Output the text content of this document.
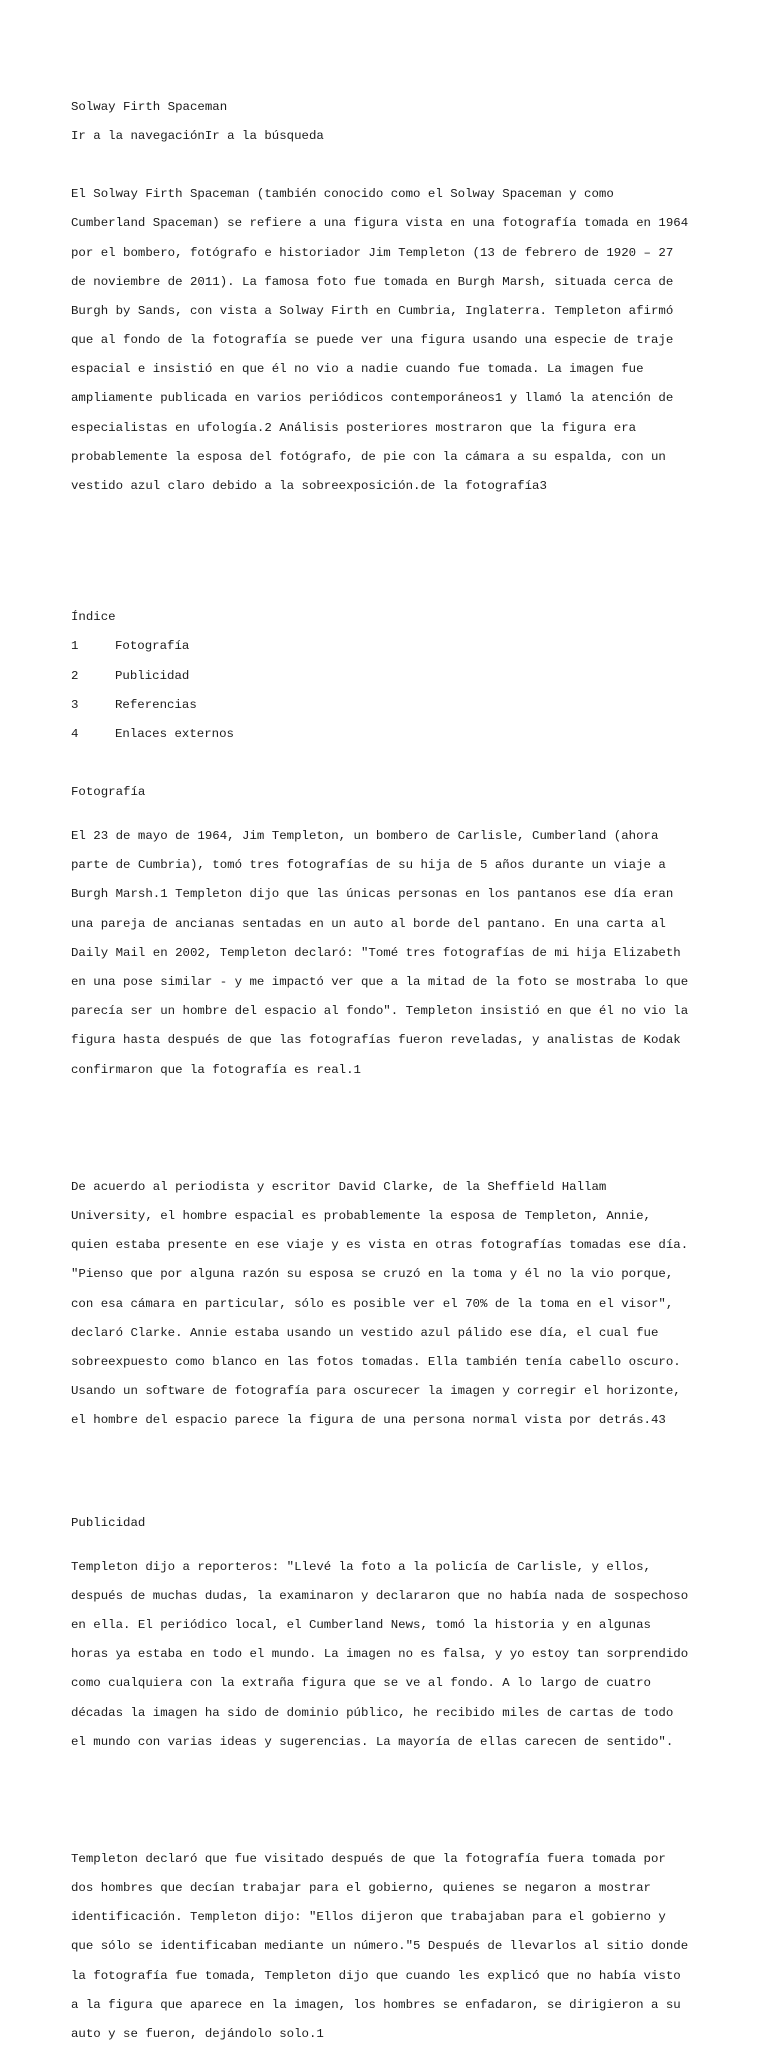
Solway Firth Spaceman

Ir a la navegaciónIr a la búsqueda

El Solway Firth Spaceman (también conocido como el Solway Spaceman y como

Cumberland Spaceman) se refiere a una figura vista en una fotografía tomada en 1964

por el bombero, fotógrafo e historiador Jim Templeton (13 de febrero de 1920 – 27

de noviembre de 2011). La famosa foto fue tomada en Burgh Marsh, situada cerca de

Burgh by Sands, con vista a Solway Firth en Cumbria, Inglaterra. Templeton afirmó

que al fondo de la fotografía se puede ver una figura usando una especie de traje

espacial e insistió en que él no vio a nadie cuando fue tomada. La imagen fue

ampliamente publicada en varios periódicos contemporáneos1 y llamó la atención de

especialistas en ufología.2 Análisis posteriores mostraron que la figura era

probablemente la esposa del fotógrafo, de pie con la cámara a su espalda, con un

vestido azul claro debido a la sobreexposición.de la fotografía3

Índice

1	Fotografía

2	Publicidad

3	Referencias

4	Enlaces externos

Fotografía

El 23 de mayo de 1964, Jim Templeton, un bombero de Carlisle, Cumberland (ahora

parte de Cumbria), tomó tres fotografías de su hija de 5 años durante un viaje a

Burgh Marsh.1 Templeton dijo que las únicas personas en los pantanos ese día eran

una pareja de ancianas sentadas en un auto al borde del pantano. En una carta al

Daily Mail en 2002, Templeton declaró: "Tomé tres fotografías de mi hija Elizabeth

en una pose similar - y me impactó ver que a la mitad de la foto se mostraba lo que

parecía ser un hombre del espacio al fondo". Templeton insistió en que él no vio la

figura hasta después de que las fotografías fueron reveladas, y analistas de Kodak

confirmaron que la fotografía es real.1

De acuerdo al periodista y escritor David Clarke, de la Sheffield Hallam

University, el hombre espacial es probablemente la esposa de Templeton, Annie,

quien estaba presente en ese viaje y es vista en otras fotografías tomadas ese día.

"Pienso que por alguna razón su esposa se cruzó en la toma y él no la vio porque,

con esa cámara en particular, sólo es posible ver el 70% de la toma en el visor",

declaró Clarke. Annie estaba usando un vestido azul pálido ese día, el cual fue

sobreexpuesto como blanco en las fotos tomadas. Ella también tenía cabello oscuro.

Usando un software de fotografía para oscurecer la imagen y corregir el horizonte,

el hombre del espacio parece la figura de una persona normal vista por detrás.43

Publicidad

Templeton dijo a reporteros: "Llevé la foto a la policía de Carlisle, y ellos,

después de muchas dudas, la examinaron y declararon que no había nada de sospechoso

en ella. El periódico local, el Cumberland News, tomó la historia y en algunas

horas ya estaba en todo el mundo. La imagen no es falsa, y yo estoy tan sorprendido

como cualquiera con la extraña figura que se ve al fondo. A lo largo de cuatro

décadas la imagen ha sido de dominio público, he recibido miles de cartas de todo

el mundo con varias ideas y sugerencias. La mayoría de ellas carecen de sentido".

Templeton declaró que fue visitado después de que la fotografía fuera tomada por

dos hombres que decían trabajar para el gobierno, quienes se negaron a mostrar

identificación. Templeton dijo: "Ellos dijeron que trabajaban para el gobierno y

que sólo se identificaban mediante un número."5 Después de llevarlos al sitio donde

la fotografía fue tomada, Templeton dijo que cuando les explicó que no había visto

a la figura que aparece en la imagen, los hombres se enfadaron, se dirigieron a su

auto y se fueron, dejándolo solo.1
